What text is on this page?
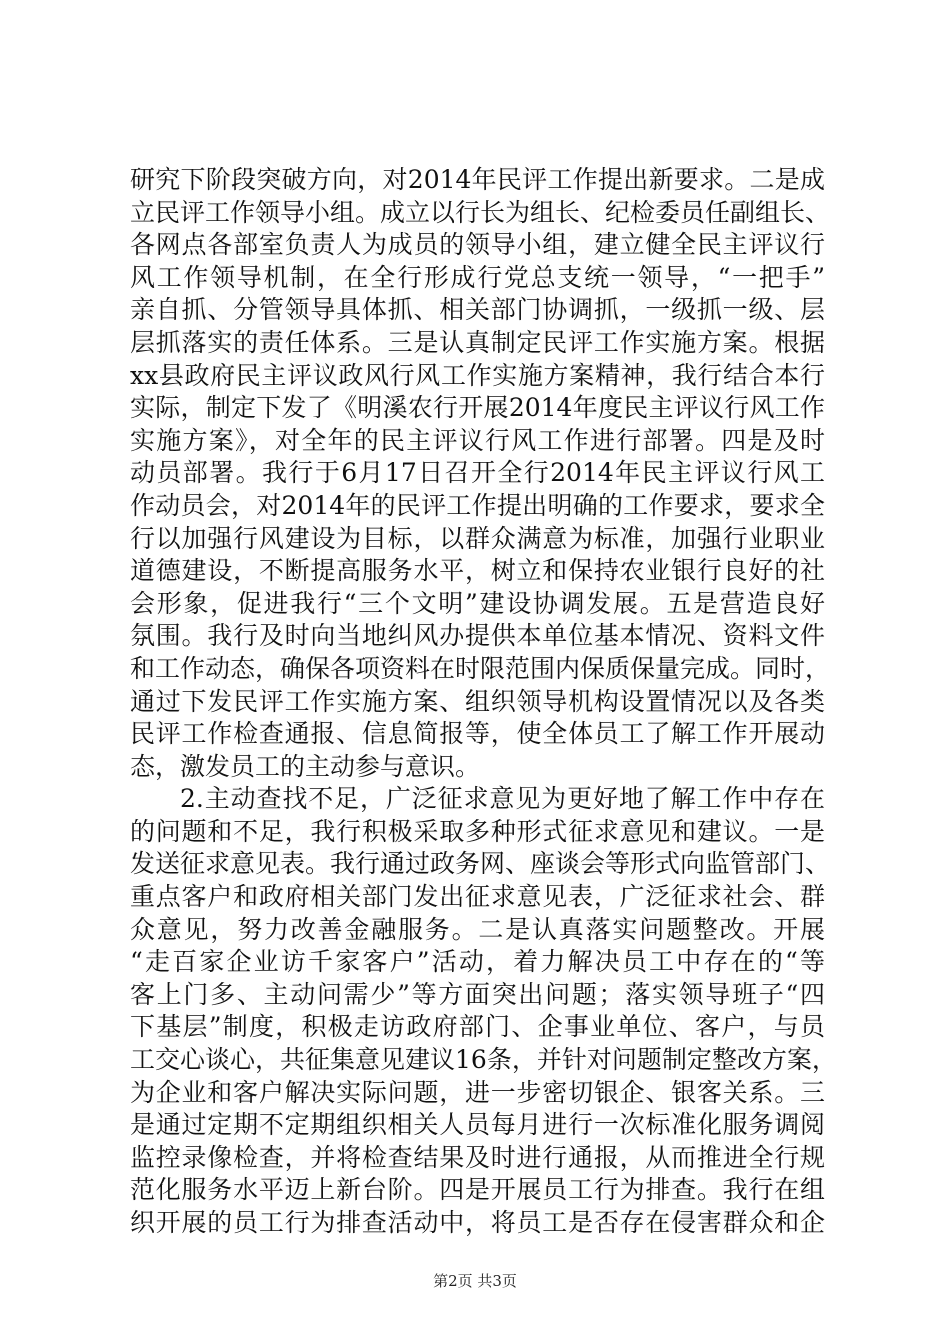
研究下阶段突破方向，对2014年民评工作提出新要求。二是成
立民评工作领导小组。成立以行长为组长、纪检委员任副组长、
各网点各部室负责人为成员的领导小组，建立健全民主评议行
风工作领导机制，在全行形成行党总支统一领导，“一把手”
亲自抓、分管领导具体抓、相关部门协调抓，一级抓一级、层
层抓落实的责任体系。三是认真制定民评工作实施方案。根据
xx县政府民主评议政风行风工作实施方案精神，我行结合本行
实际，制定下发了《明溪农行开展2014年度民主评议行风工作
实施方案》，对全年的民主评议行风工作进行部署。四是及时
动员部署。我行于6月17日召开全行2014年民主评议行风工
作动员会，对2014年的民评工作提出明确的工作要求，要求全
行以加强行风建设为目标，以群众满意为标准，加强行业职业
道德建设，不断提高服务水平，树立和保持农业银行良好的社
会形象，促进我行“三个文明”建设协调发展。五是营造良好
氛围。我行及时向当地纠风办提供本单位基本情况、资料文件
和工作动态，确保各项资料在时限范围内保质保量完成。同时，
通过下发民评工作实施方案、组织领导机构设置情况以及各类
民评工作检查通报、信息简报等，使全体员工了解工作开展动
态，激发员工的主动参与意识。
2.主动查找不足，广泛征求意见为更好地了解工作中存在
的问题和不足，我行积极采取多种形式征求意见和建议。一是
发送征求意见表。我行通过政务网、座谈会等形式向监管部门、
重点客户和政府相关部门发出征求意见表，广泛征求社会、群
众意见，努力改善金融服务。二是认真落实问题整改。开展
“走百家企业访千家客户”活动，着力解决员工中存在的“等
客上门多、主动问需少”等方面突出问题；落实领导班子“四
下基层”制度，积极走访政府部门、企事业单位、客户，与员
工交心谈心，共征集意见建议16条，并针对问题制定整改方案，
为企业和客户解决实际问题，进一步密切银企、银客关系。三
是通过定期不定期组织相关人员每月进行一次标准化服务调阅
监控录像检查，并将检查结果及时进行通报，从而推进全行规
范化服务水平迈上新台阶。四是开展员工行为排查。我行在组
织开展的员工行为排查活动中，将员工是否存在侵害群众和企
第2页 共3页
